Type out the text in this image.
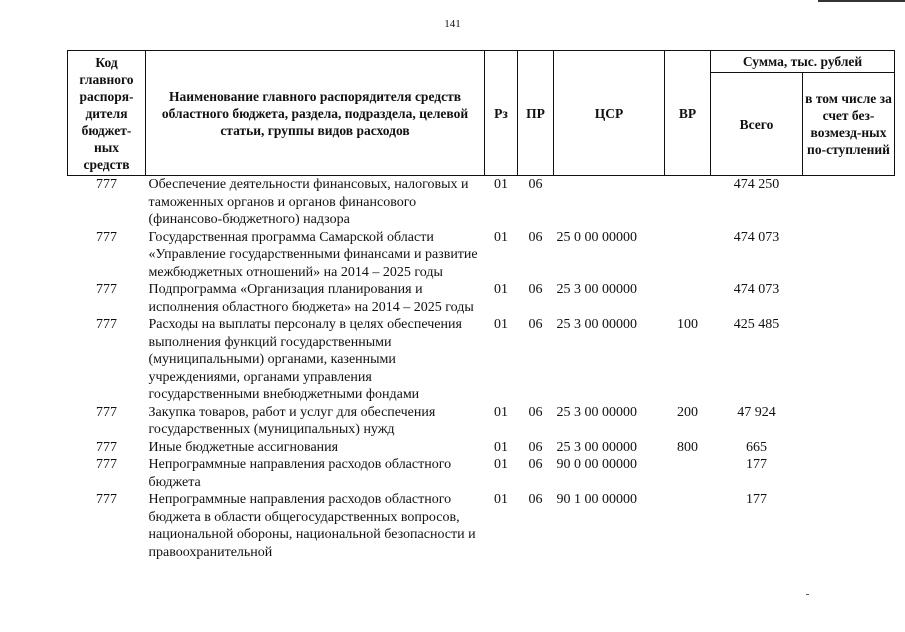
141
Код главного распоря-дителя бюджет-ных средств	Наименование главного распорядителя средств областного бюджета, раздела, подраздела, целевой статьи, группы видов расходов	Рз	ПР	ЦСР	ВР	Сумма, тыс. рублей	
						Всего	в том числе за счет без-возмезд-ных по-ступлений
777	Обеспечение деятельности финансовых, налоговых и таможенных органов и органов финансового (финансово-бюджетного) надзора	01	06			474 250	
777	Государственная программа Самарской области «Управление государственными финансами и развитие межбюджетных отношений» на 2014 – 2025 годы	01	06	25 0 00 00000		474 073	
777	Подпрограмма «Организация планирования и исполнения областного бюджета» на 2014 – 2025 годы	01	06	25 3 00 00000		474 073	
777	Расходы на выплаты персоналу в целях обеспечения выполнения функций государственными (муниципальными) органами, казенными учреждениями, органами управления государственными внебюджетными фондами	01	06	25 3 00 00000	100	425 485	
777	Закупка товаров, работ и услуг для обеспечения государственных (муниципальных) нужд	01	06	25 3 00 00000	200	47 924	
777	Иные бюджетные ассигнования	01	06	25 3 00 00000	800	665	
777	Непрограммные направления расходов областного бюджета	01	06	90 0 00 00000		177	
777	Непрограммные направления расходов областного бюджета в области общегосударственных вопросов, национальной обороны, национальной безопасности и правоохранительной	01	06	90 1 00 00000		177	
